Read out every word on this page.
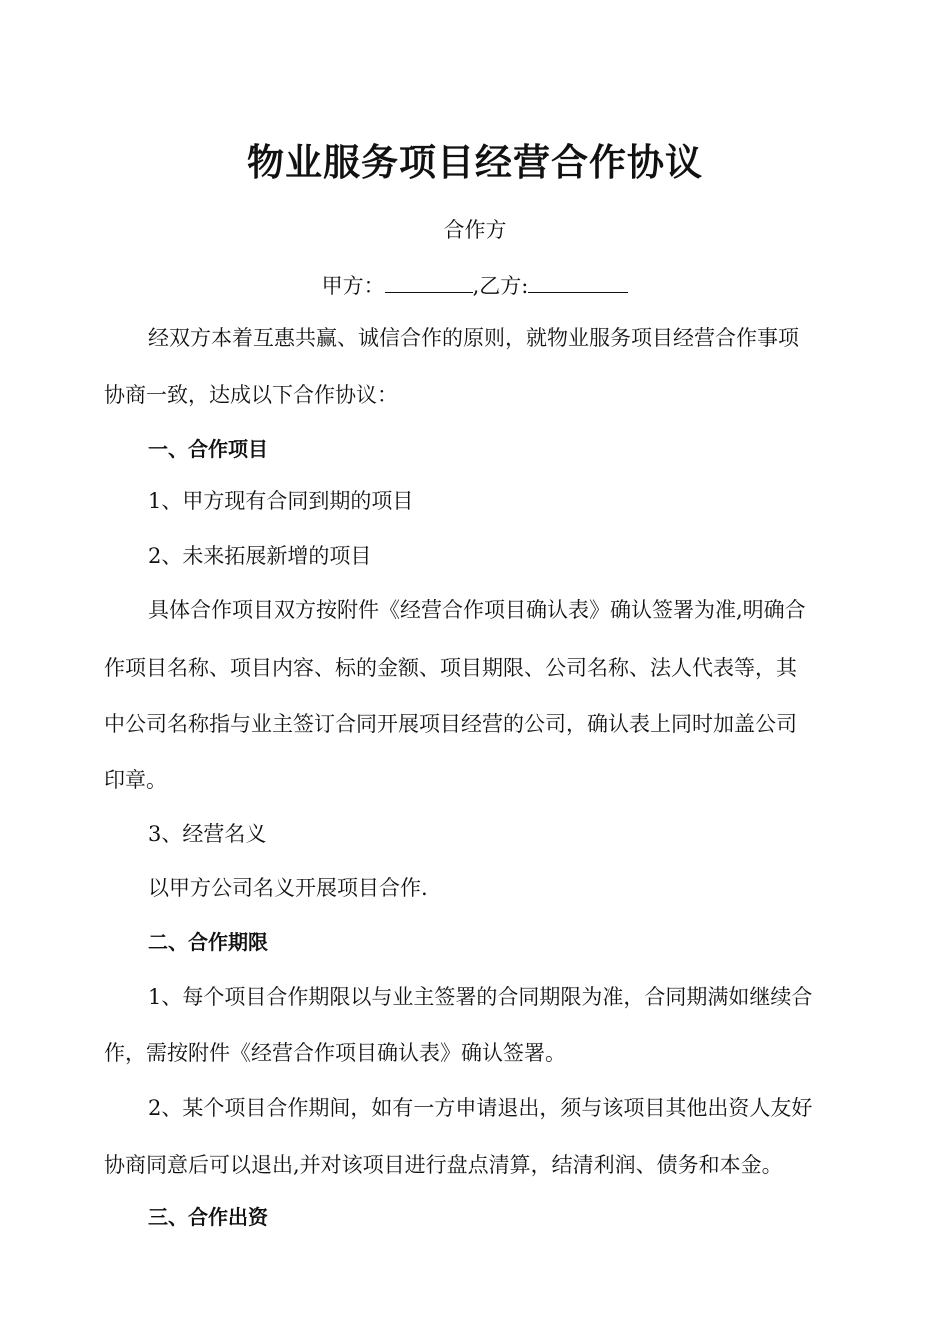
物业服务项目经营合作协议
合作方
甲方：	,乙方:
经双方本着互惠共赢、诚信合作的原则，就物业服务项目经营合作事项
协商一致，达成以下合作协议：
一、合作项目
1、甲方现有合同到期的项目
2、未来拓展新增的项目
具体合作项目双方按附件《经营合作项目确认表》确认签署为准,明确合
作项目名称、项目内容、标的金额、项目期限、公司名称、法人代表等，其
中公司名称指与业主签订合同开展项目经营的公司，确认表上同时加盖公司
印章。
3、经营名义
以甲方公司名义开展项目合作.
二、合作期限
1、每个项目合作期限以与业主签署的合同期限为准，合同期满如继续合
作，需按附件《经营合作项目确认表》确认签署。
2、某个项目合作期间，如有一方申请退出，须与该项目其他出资人友好
协商同意后可以退出,并对该项目进行盘点清算，结清利润、债务和本金。
三、合作出资
